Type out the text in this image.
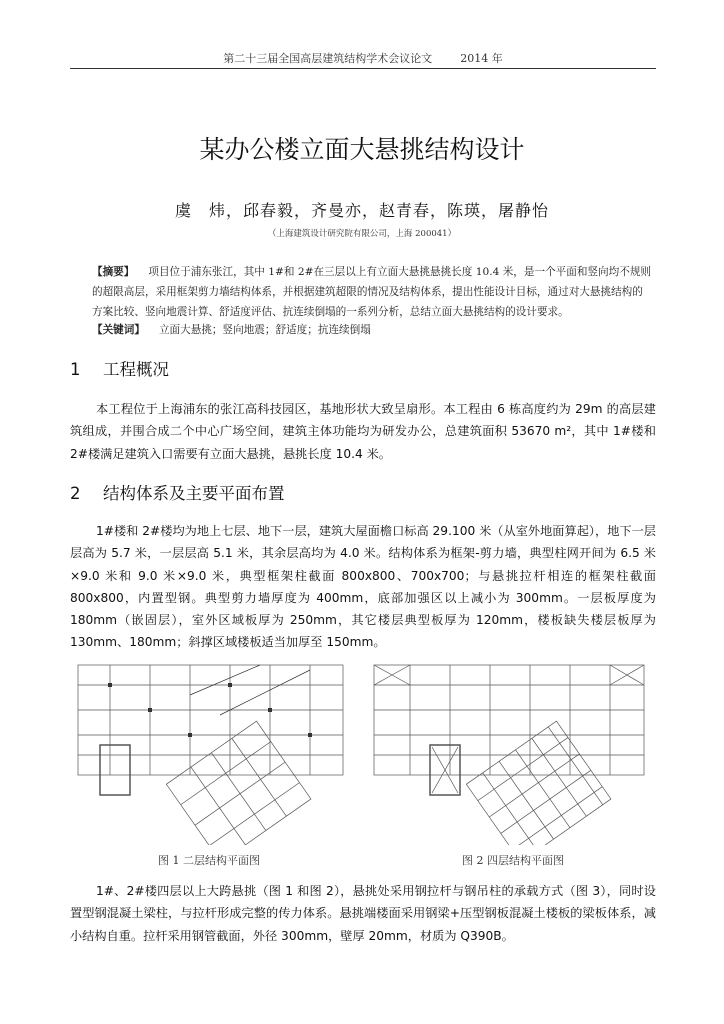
第二十三届全国高层建筑结构学术会议论文	2014 年
某办公楼立面大悬挑结构设计
虞　炜，邱春毅，齐曼亦，赵青春，陈瑛，屠静怡
（上海建筑设计研究院有限公司，上海 200041）
【摘要】 项目位于浦东张江，其中 1#和 2#在三层以上有立面大悬挑悬挑长度 10.4 米，是一个平面和竖向均不规则的超限高层，采用框架剪力墙结构体系，并根据建筑超限的情况及结构体系，提出性能设计目标，通过对大悬挑结构的方案比较、竖向地震计算、舒适度评估、抗连续倒塌的一系列分析，总结立面大悬挑结构的设计要求。
【关键词】 立面大悬挑；竖向地震；舒适度；抗连续倒塌
1 工程概况
本工程位于上海浦东的张江高科技园区，基地形状大致呈扇形。本工程由 6 栋高度约为 29m 的高层建筑组成，并围合成二个中心广场空间，建筑主体功能均为研发办公，总建筑面积 53670 m²，其中 1#楼和 2#楼满足建筑入口需要有立面大悬挑，悬挑长度 10.4 米。
2 结构体系及主要平面布置
1#楼和 2#楼均为地上七层、地下一层，建筑大屋面檐口标高 29.100 米（从室外地面算起），地下一层层高为 5.7 米，一层层高 5.1 米，其余层高均为 4.0 米。结构体系为框架-剪力墙，典型柱网开间为 6.5 米×9.0 米和 9.0 米×9.0 米，典型框架柱截面 800x800、700x700；与悬挑拉杆相连的框架柱截面 800x800，内置型钢。典型剪力墙厚度为 400mm，底部加强区以上减小为 300mm。一层板厚度为 180mm（嵌固层），室外区域板厚为 250mm，其它楼层典型板厚为 120mm，楼板缺失楼层板厚为 130mm、180mm；斜撑区域楼板适当加厚至 150mm。
图 1 二层结构平面图	图 2 四层结构平面图
1#、2#楼四层以上大跨悬挑（图 1 和图 2），悬挑处采用钢拉杆与钢吊柱的承载方式（图 3），同时设置型钢混凝土梁柱，与拉杆形成完整的传力体系。悬挑端楼面采用钢梁+压型钢板混凝土楼板的梁板体系，减小结构自重。拉杆采用钢管截面，外径 300mm，壁厚 20mm，材质为 Q390B。
